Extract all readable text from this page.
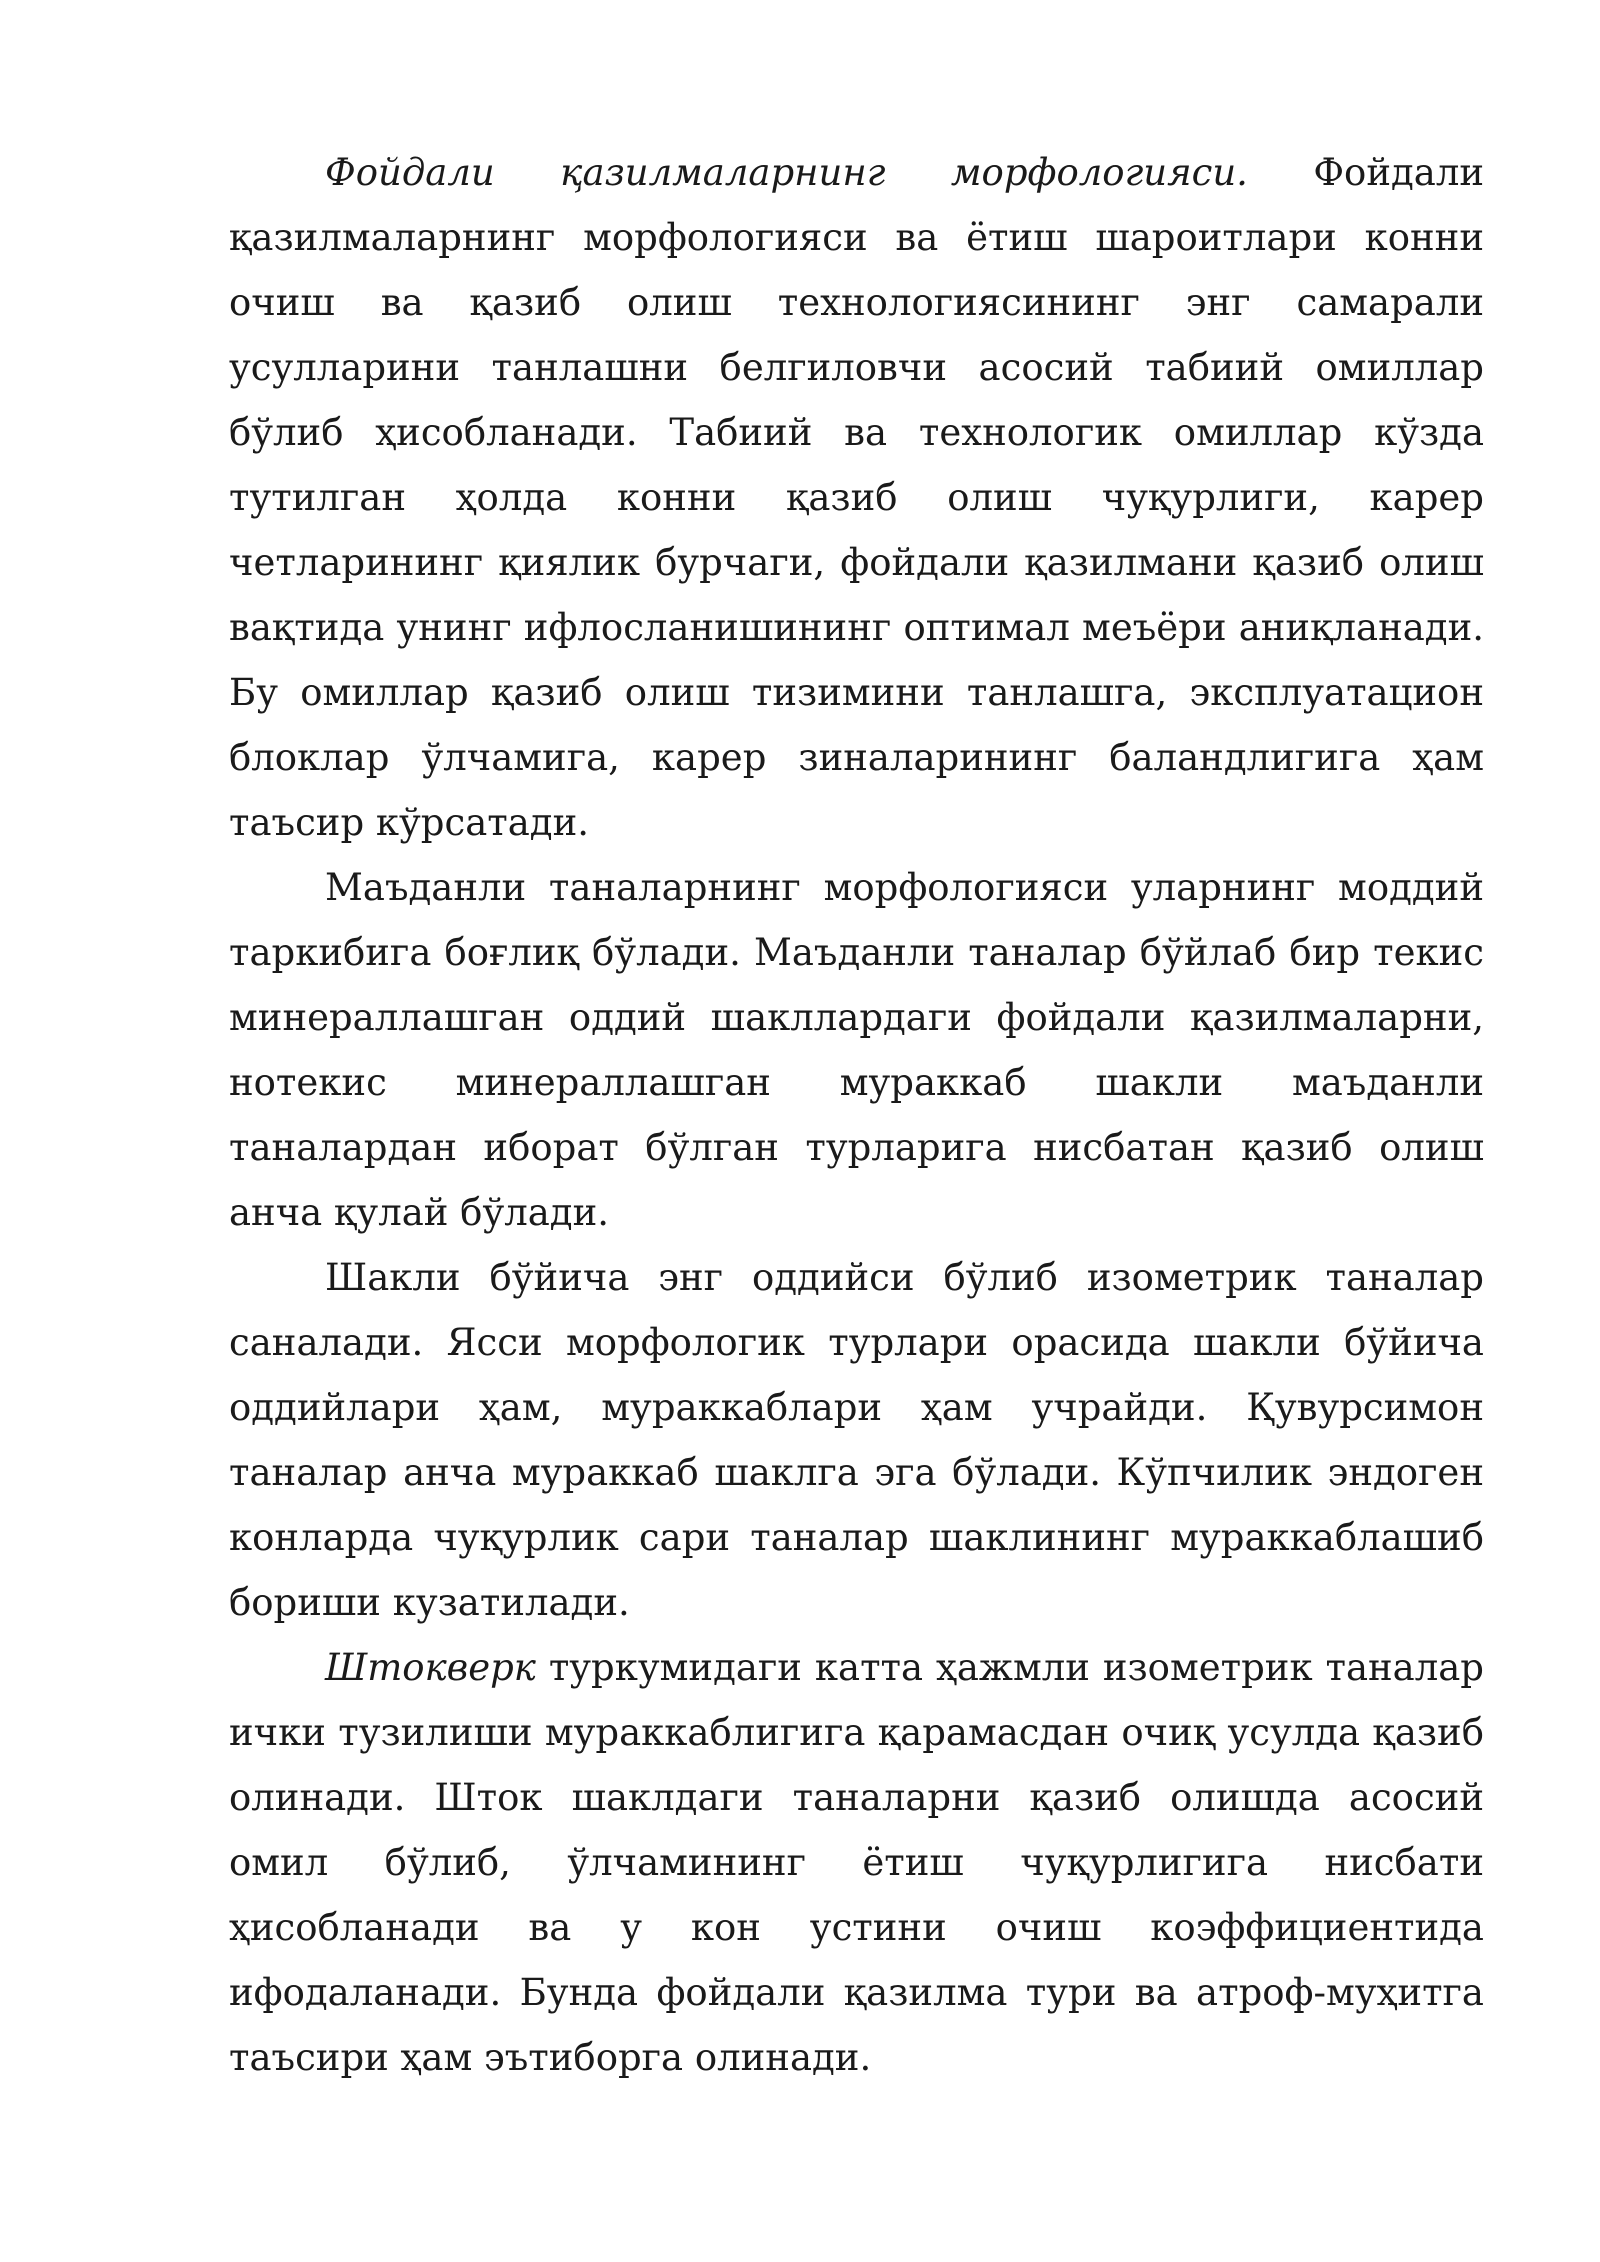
Фойдали қазилмаларнинг морфологияси. Фойдали қазилмаларнинг морфологияси ва ётиш шароитлари конни очиш ва қазиб олиш технологиясининг энг самарали усулларини танлашни белгиловчи асосий табиий омиллар бўлиб ҳисобланади. Табиий ва технологик омиллар кўзда тутилган ҳолда конни қазиб олиш чуқурлиги, карер четларининг қиялик бурчаги, фойдали қазилмани қазиб олиш вақтида унинг ифлосланишининг оптимал меъёри аниқланади. Бу омиллар қазиб олиш тизимини танлашга, эксплуатацион блоклар ўлчамига, карер зиналарининг баландлигига ҳам таъсир кўрсатади.

Маъданли таналарнинг морфологияси уларнинг моддий таркибига боғлиқ бўлади. Маъданли таналар бўйлаб бир текис минераллашган оддий шакллардаги фойдали қазилмаларни, нотекис минераллашган мураккаб шакли маъданли таналардан иборат бўлган турларига нисбатан қазиб олиш анча қулай бўлади.

Шакли бўйича энг оддийси бўлиб изометрик таналар саналади. Ясси морфологик турлари орасида шакли бўйича оддийлари ҳам, мураккаблари ҳам учрайди. Қувурсимон таналар анча мураккаб шаклга эга бўлади. Кўпчилик эндоген конларда чуқурлик сари таналар шаклининг мураккаблашиб бориши кузатилади.

Штокверк туркумидаги катта ҳажмли изометрик таналар ички тузилиши мураккаблигига қарамасдан очиқ усулда қазиб олинади. Шток шаклдаги таналарни қазиб олишда асосий омил бўлиб, ўлчамининг ётиш чуқурлигига нисбати ҳисобланади ва у кон устини очиш коэффициентида ифодаланади. Бунда фойдали қазилма тури ва атроф-муҳитга таъсири ҳам эътиборга олинади.
